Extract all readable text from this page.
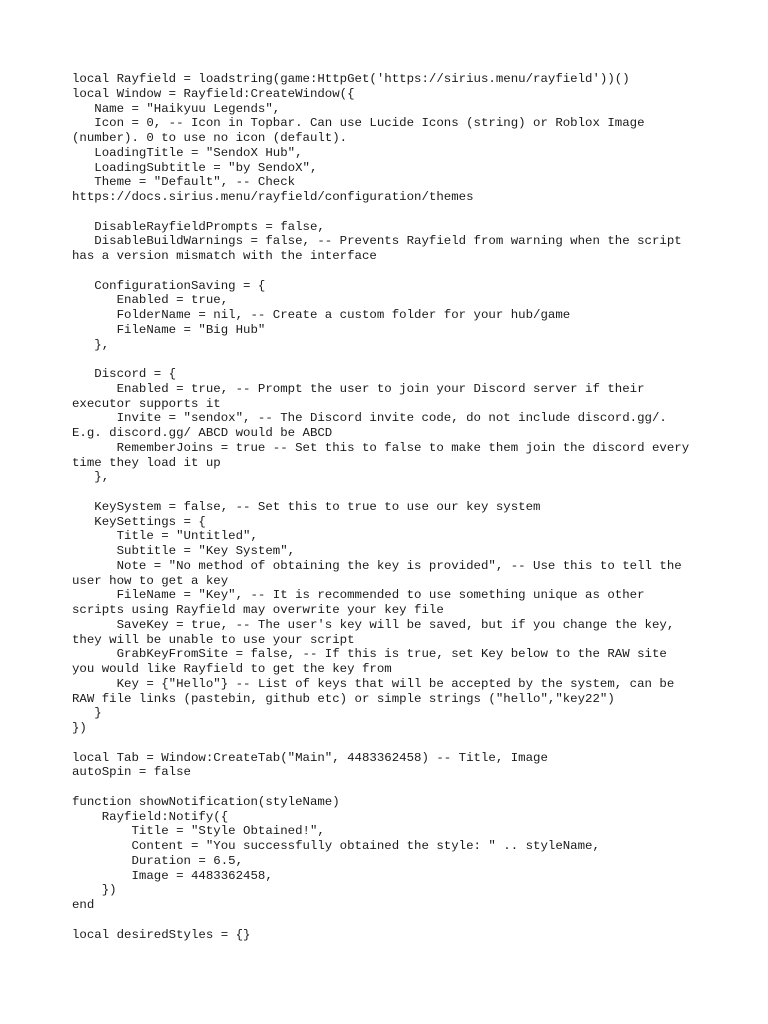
local Rayfield = loadstring(game:HttpGet('https://sirius.menu/rayfield'))()
local Window = Rayfield:CreateWindow({
Name = "Haikyuu Legends",
Icon = 0, -- Icon in Topbar. Can use Lucide Icons (string) or Roblox Image
(number). 0 to use no icon (default).
LoadingTitle = "SendoX Hub",
LoadingSubtitle = "by SendoX",
Theme = "Default", -- Check
https://docs.sirius.menu/rayfield/configuration/themes
DisableRayfieldPrompts = false,
DisableBuildWarnings = false, -- Prevents Rayfield from warning when the script
has a version mismatch with the interface
ConfigurationSaving = {
Enabled = true,
FolderName = nil, -- Create a custom folder for your hub/game
FileName = "Big Hub"
},
Discord = {
Enabled = true, -- Prompt the user to join your Discord server if their
executor supports it
Invite = "sendox", -- The Discord invite code, do not include discord.gg/.
E.g. discord.gg/ ABCD would be ABCD
RememberJoins = true -- Set this to false to make them join the discord every
time they load it up
},
KeySystem = false, -- Set this to true to use our key system
KeySettings = {
Title = "Untitled",
Subtitle = "Key System",
Note = "No method of obtaining the key is provided", -- Use this to tell the
user how to get a key
FileName = "Key", -- It is recommended to use something unique as other
scripts using Rayfield may overwrite your key file
SaveKey = true, -- The user's key will be saved, but if you change the key,
they will be unable to use your script
GrabKeyFromSite = false, -- If this is true, set Key below to the RAW site
you would like Rayfield to get the key from
Key = {"Hello"} -- List of keys that will be accepted by the system, can be
RAW file links (pastebin, github etc) or simple strings ("hello","key22")
}
})
local Tab = Window:CreateTab("Main", 4483362458) -- Title, Image
autoSpin = false
function showNotification(styleName)
Rayfield:Notify({
Title = "Style Obtained!",
Content = "You successfully obtained the style: " .. styleName,
Duration = 6.5,
Image = 4483362458,
})
end
local desiredStyles = {}
